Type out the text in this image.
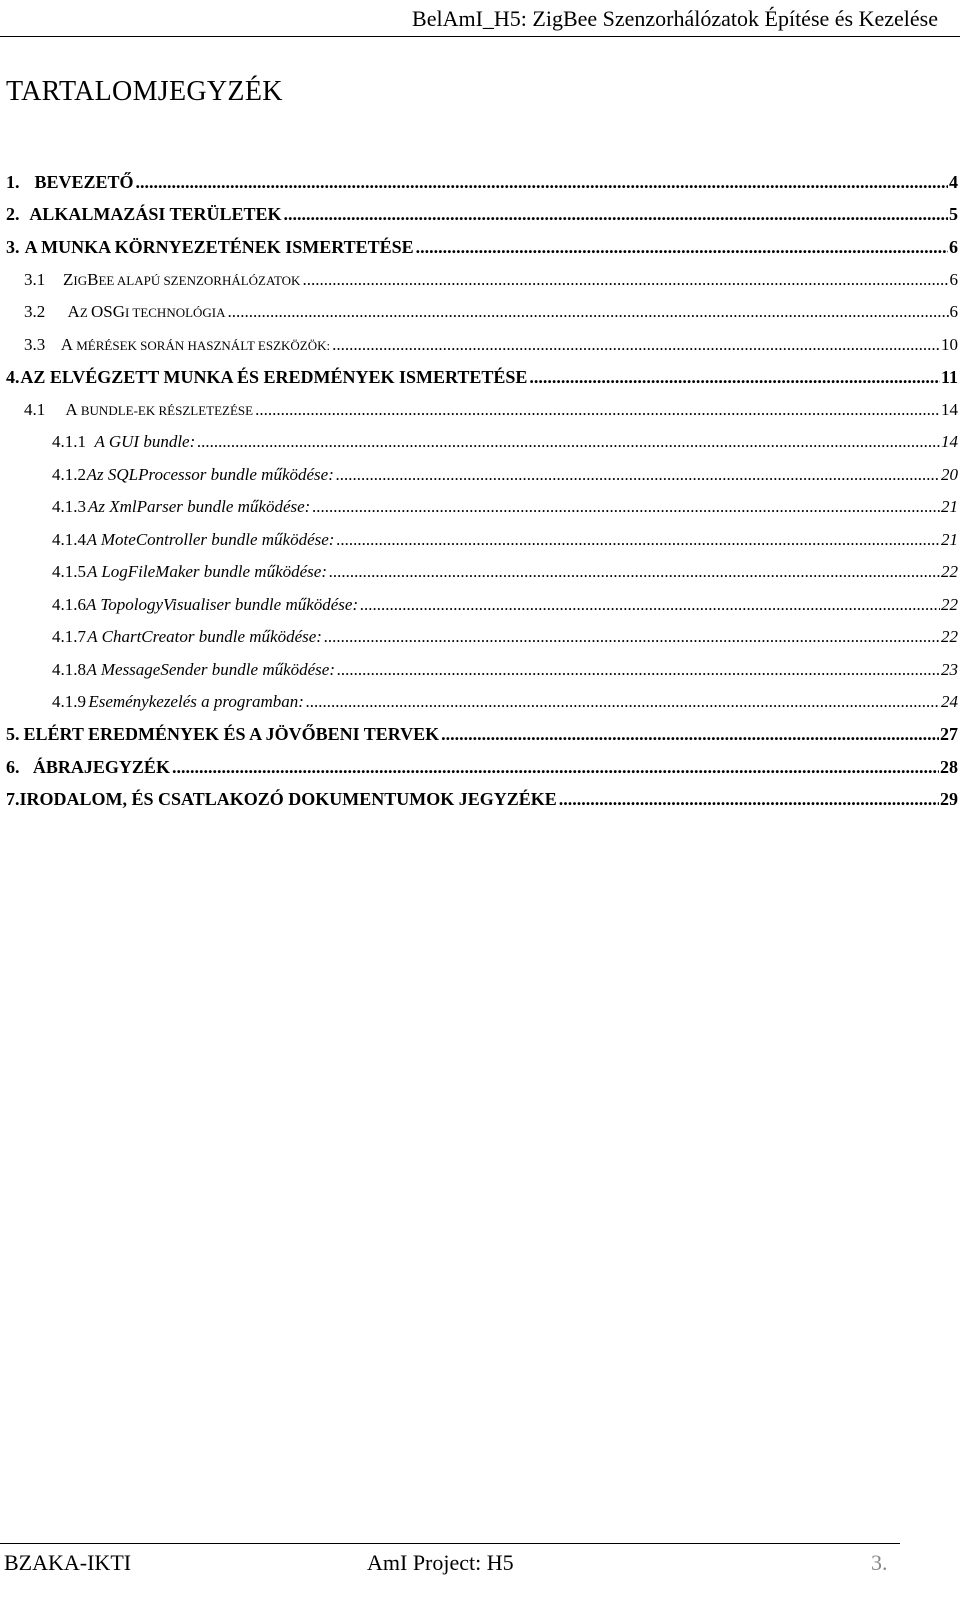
BelAmI_H5: ZigBee Szenzorhálózatok Építése és Kezelése
TARTALOMJEGYZÉK
1. BEVEZETŐ .....	4
2. ALKALMAZÁSI TERÜLETEK .....	5
3. A MUNKA KÖRNYEZETÉNEK ISMERTETÉSE .....	6
3.1	ZIGBEE ALAPÚ SZENZORHÁLÓZATOK .....	6
3.2	AZ OSGI TECHNOLÓGIA .....	6
3.3 A MÉRÉSEK SORÁN HASZNÁLT ESZKÖZÖK: .....	10
4. AZ ELVÉGZETT MUNKA ÉS EREDMÉNYEK ISMERTETÉSE .....	11
4.1	A BUNDLE-EK RÉSZLETEZÉSE .....	14
4.1.1 A GUI bundle: .....	14
4.1.2 Az SQLProcessor bundle működése: .....	20
4.1.3 Az XmlParser bundle működése: .....	21
4.1.4 A MoteController bundle működése: .....	21
4.1.5 A LogFileMaker bundle működése: .....	22
4.1.6 A TopologyVisualiser bundle működése: .....	22
4.1.7 A ChartCreator bundle működése: .....	22
4.1.8 A MessageSender bundle működése: .....	23
4.1.9 Eseménykezelés a programban: .....	24
5. ELÉRT EREDMÉNYEK ÉS A JÖVŐBENI TERVEK .....	27
6. ÁBRAJEGYZÉK .....	28
7. IRODALOM, ÉS CSATLAKOZÓ DOKUMENTUMOK JEGYZÉKE .....	29
BZAKA-IKTI	AmI Project: H5	3.
